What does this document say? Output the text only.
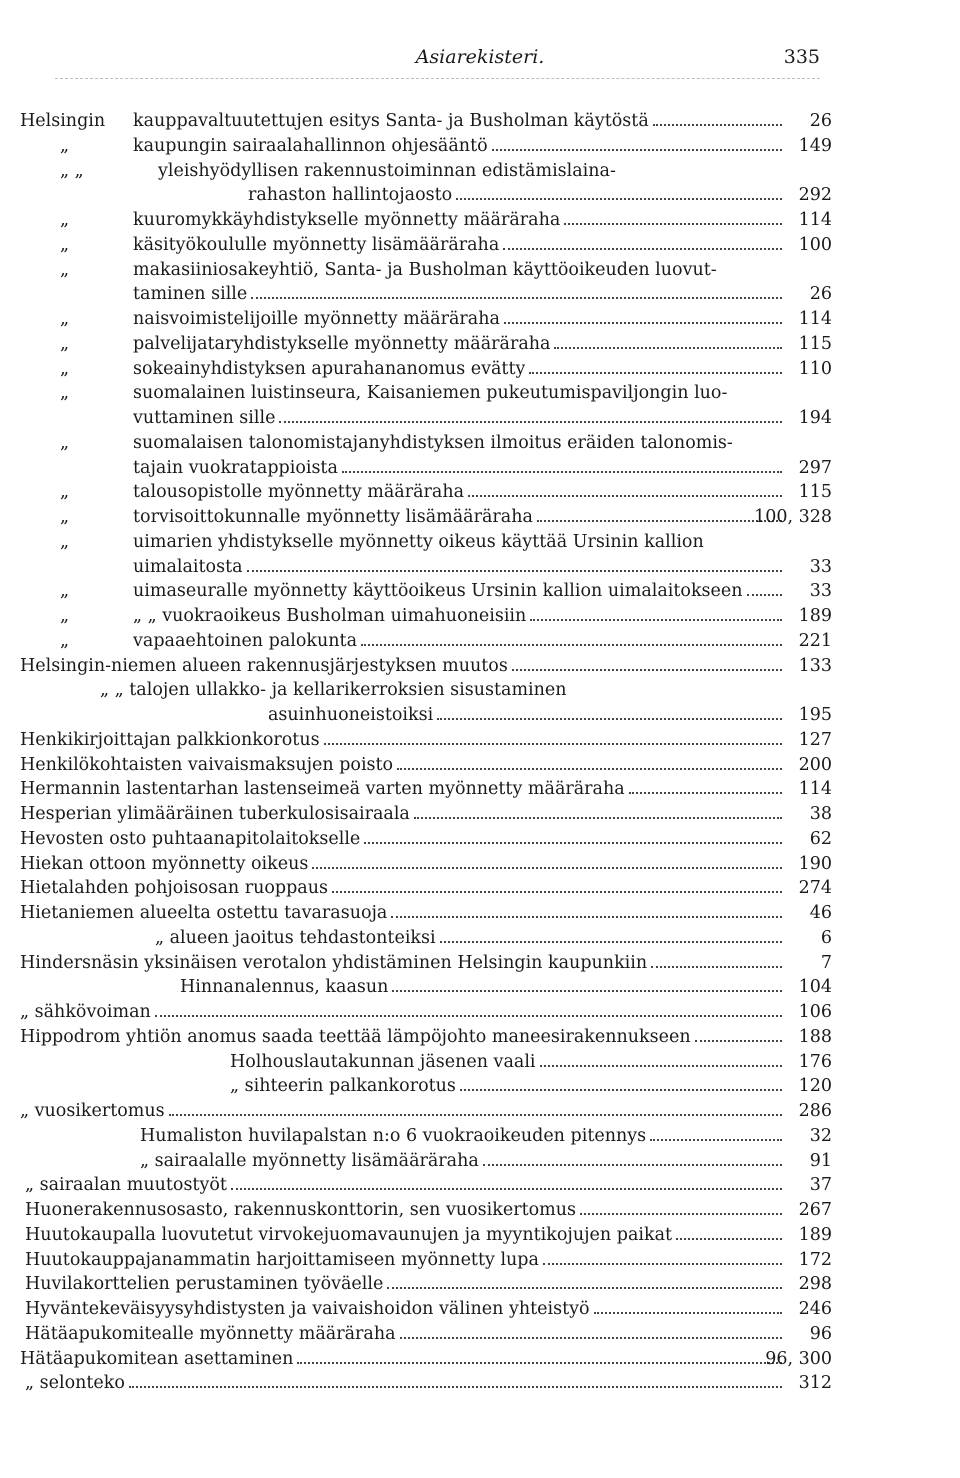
Asiarekisteri.	335
Helsingin kauppavaltuutettujen esitys Santa- ja Busholman käytöstä	26
„	kaupungin sairaalahallinnon ohjesääntö	149
„ „	yleishyödyllisen rakennustoiminnan edistämislaina-
rahaston hallintojaosto	292
„	kuuromykkäyhdistykselle myönnetty määräraha	114
„	käsityökoululle myönnetty lisämääräraha	100
„	makasiiniosakeyhtiö, Santa- ja Busholman käyttöoikeuden luovut-
taminen sille	26
„	naisvoimistelijoille myönnetty määräraha	114
„	palvelijataryhdistykselle myönnetty määräraha	115
„	sokeainyhdistyksen apurahananomus evätty	110
„	suomalainen luistinseura, Kaisaniemen pukeutumispaviljongin luo-
vuttaminen sille	194
„	suomalaisen talonomistajanyhdistyksen ilmoitus eräiden talonomis-
tajain vuokratappioista	297
„	talousopistolle myönnetty määräraha	115
„	torvisoittokunnalle myönnetty lisämääräraha	100, 328
„	uimarien yhdistykselle myönnetty oikeus käyttää Ursinin kallion
uimalaitosta	33
„	uimaseuralle myönnetty käyttöoikeus Ursinin kallion uimalaitokseen	33
„	„ „ vuokraoikeus Busholman uimahuoneisiin	189
„	vapaaehtoinen palokunta	221
Helsingin-niemen alueen rakennusjärjestyksen muutos	133
„ „ talojen ullakko- ja kellarikerroksien sisustaminen
asuinhuoneistoiksi	195
Henkikirjoittajan palkkionkorotus	127
Henkilökohtaisten vaivaismaksujen poisto	200
Hermannin lastentarhan lastenseimeä varten myönnetty määräraha	114
Hesperian ylimääräinen tuberkulosisairaala	38
Hevosten osto puhtaanapitolaitokselle	62
Hiekan ottoon myönnetty oikeus	190
Hietalahden pohjoisosan ruoppaus	274
Hietaniemen alueelta ostettu tavarasuoja	46
„ alueen jaoitus tehdastonteiksi	6
Hindersnäsin yksinäisen verotalon yhdistäminen Helsingin kaupunkiin	7
Hinnanalennus, kaasun	104
„ sähkövoiman	106
Hippodrom yhtiön anomus saada teettää lämpöjohto maneesirakennukseen	188
Holhouslautakunnan jäsenen vaali	176
„ sihteerin palkankorotus	120
„ vuosikertomus	286
Humaliston huvilapalstan n:o 6 vuokraoikeuden pitennys	32
„ sairaalalle myönnetty lisämääräraha	91
„ sairaalan muutostyöt	37
Huonerakennusosasto, rakennuskonttorin, sen vuosikertomus	267
Huutokaupalla luovutetut virvokejuomavaunujen ja myyntikojujen paikat	189
Huutokauppajanammatin harjoittamiseen myönnetty lupa	172
Huvilakorttelien perustaminen työväelle	298
Hyväntekeväisyysyhdistysten ja vaivaishoidon välinen yhteistyö	246
Hätäapukomitealle myönnetty määräraha	96
Hätäapukomitean asettaminen	96, 300
„ selonteko	312
